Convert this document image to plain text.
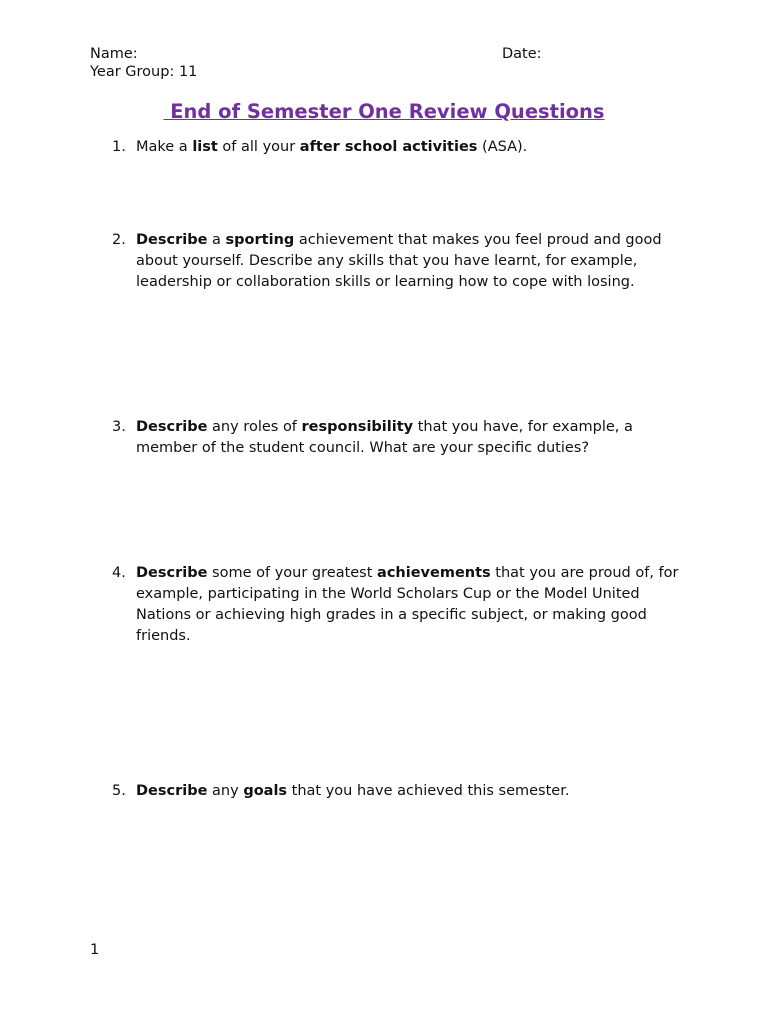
Name:	Date:
Year Group: 11
End of Semester One Review Questions
1. Make a list of all your after school activities (ASA).
2. Describe a sporting achievement that makes you feel proud and good about yourself. Describe any skills that you have learnt, for example, leadership or collaboration skills or learning how to cope with losing.
3. Describe any roles of responsibility that you have, for example, a member of the student council. What are your specific duties?
4. Describe some of your greatest achievements that you are proud of, for example, participating in the World Scholars Cup or the Model United Nations or achieving high grades in a specific subject, or making good friends.
5. Describe any goals that you have achieved this semester.
1
